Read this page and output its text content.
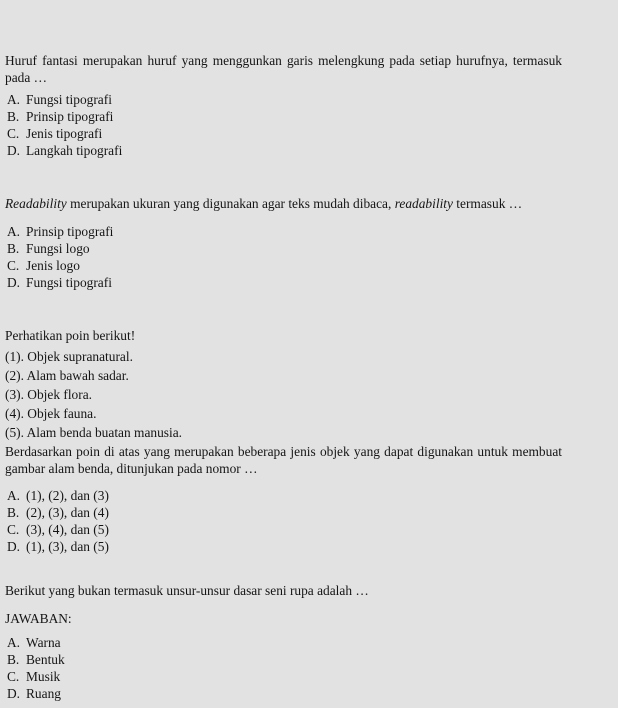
Huruf fantasi merupakan huruf yang menggunkan garis melengkung pada setiap hurufnya, termasuk pada …
A. Fungsi tipografi
B. Prinsip tipografi
C. Jenis tipografi
D. Langkah tipografi
Readability merupakan ukuran yang digunakan agar teks mudah dibaca, readability termasuk …
A. Prinsip tipografi
B. Fungsi logo
C. Jenis logo
D. Fungsi tipografi
Perhatikan poin berikut!
(1). Objek supranatural.
(2). Alam bawah sadar.
(3). Objek flora.
(4). Objek fauna.
(5). Alam benda buatan manusia.
Berdasarkan poin di atas yang merupakan beberapa jenis objek yang dapat digunakan untuk membuat gambar alam benda, ditunjukan pada nomor …
A. (1), (2), dan (3)
B. (2), (3), dan (4)
C. (3), (4), dan (5)
D. (1), (3), dan (5)
Berikut yang bukan termasuk unsur-unsur dasar seni rupa adalah …
JAWABAN:
A. Warna
B. Bentuk
C. Musik
D. Ruang
